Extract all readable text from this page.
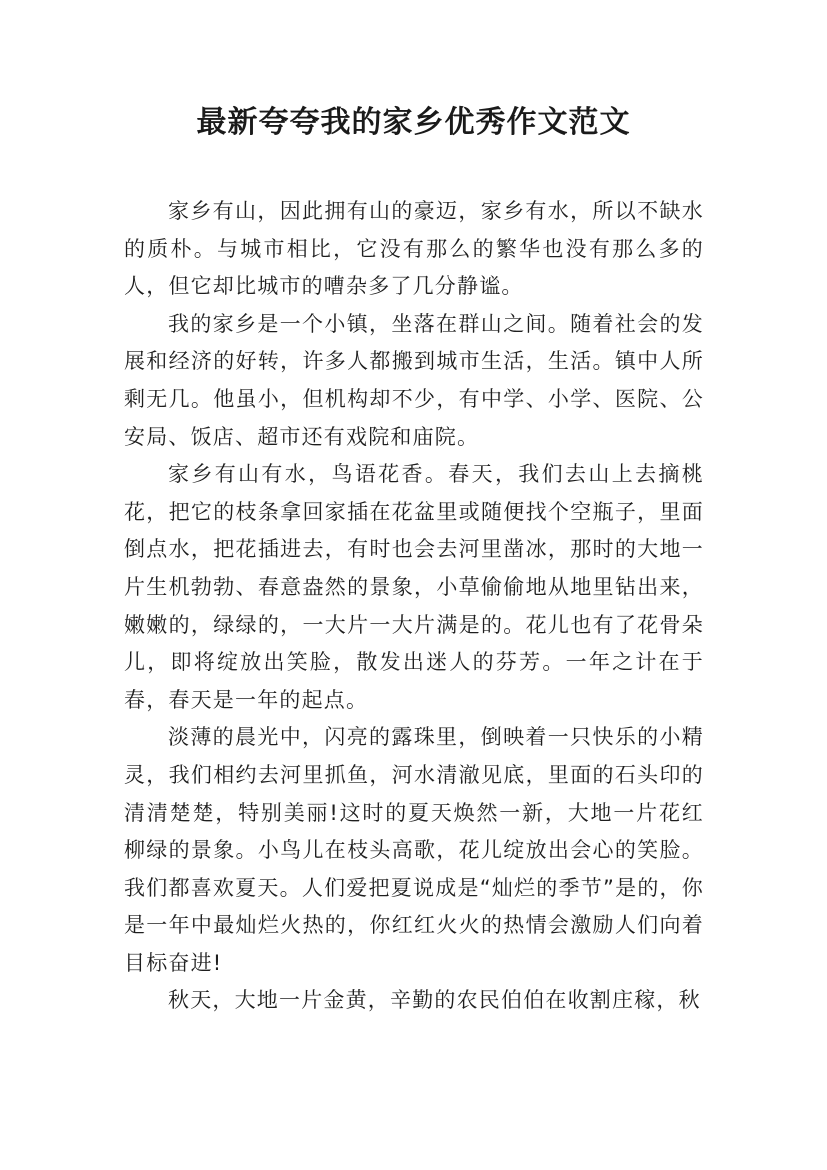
最新夸夸我的家乡优秀作文范文

家乡有山，因此拥有山的豪迈，家乡有水，所以不缺水的质朴。与城市相比，它没有那么的繁华也没有那么多的人，但它却比城市的嘈杂多了几分静谧。

我的家乡是一个小镇，坐落在群山之间。随着社会的发展和经济的好转，许多人都搬到城市生活，生活。镇中人所剩无几。他虽小，但机构却不少，有中学、小学、医院、公安局、饭店、超市还有戏院和庙院。

家乡有山有水，鸟语花香。春天，我们去山上去摘桃花，把它的枝条拿回家插在花盆里或随便找个空瓶子，里面倒点水，把花插进去，有时也会去河里凿冰，那时的大地一片生机勃勃、春意盎然的景象，小草偷偷地从地里钻出来，嫩嫩的，绿绿的，一大片一大片满是的。花儿也有了花骨朵儿，即将绽放出笑脸，散发出迷人的芬芳。一年之计在于春，春天是一年的起点。

淡薄的晨光中，闪亮的露珠里，倒映着一只快乐的小精灵，我们相约去河里抓鱼，河水清澈见底，里面的石头印的清清楚楚，特别美丽!这时的夏天焕然一新，大地一片花红柳绿的景象。小鸟儿在枝头高歌，花儿绽放出会心的笑脸。我们都喜欢夏天。人们爱把夏说成是“灿烂的季节”是的，你是一年中最灿烂火热的，你红红火火的热情会激励人们向着目标奋进!

秋天，大地一片金黄，辛勤的农民伯伯在收割庄稼，秋
